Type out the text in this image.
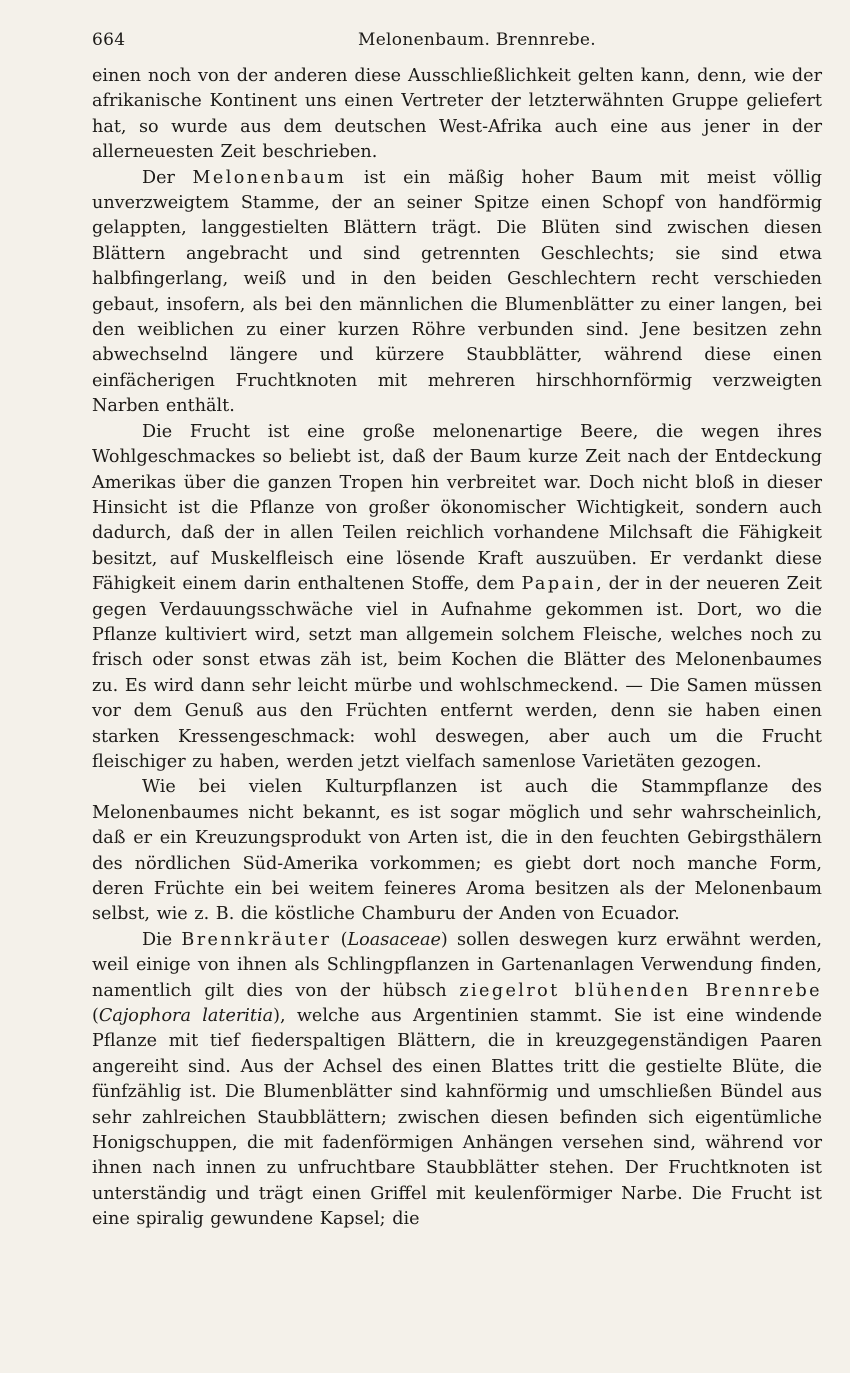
664	Melonenbaum. Brennrebe.

einen noch von der anderen diese Ausschließlichkeit gelten kann, denn, wie der afrikanische Kontinent uns einen Vertreter der letzterwähnten Gruppe geliefert hat, so wurde aus dem deutschen West-Afrika auch eine aus jener in der allerneuesten Zeit beschrieben.

Der Melonenbaum ist ein mäßig hoher Baum mit meist völlig unverzweigtem Stamme, der an seiner Spitze einen Schopf von handförmig gelappten, langgestielten Blättern trägt. Die Blüten sind zwischen diesen Blättern angebracht und sind getrennten Geschlechts; sie sind etwa halbfingerlang, weiß und in den beiden Geschlechtern recht verschieden gebaut, insofern, als bei den männlichen die Blumenblätter zu einer langen, bei den weiblichen zu einer kurzen Röhre verbunden sind. Jene besitzen zehn abwechselnd längere und kürzere Staubblätter, während diese einen einfächerigen Fruchtknoten mit mehreren hirschhornförmig verzweigten Narben enthält.

Die Frucht ist eine große melonenartige Beere, die wegen ihres Wohlgeschmackes so beliebt ist, daß der Baum kurze Zeit nach der Entdeckung Amerikas über die ganzen Tropen hin verbreitet war. Doch nicht bloß in dieser Hinsicht ist die Pflanze von großer ökonomischer Wichtigkeit, sondern auch dadurch, daß der in allen Teilen reichlich vorhandene Milchsaft die Fähigkeit besitzt, auf Muskelfleisch eine lösende Kraft auszuüben. Er verdankt diese Fähigkeit einem darin enthaltenen Stoffe, dem Papain, der in der neueren Zeit gegen Verdauungsschwäche viel in Aufnahme gekommen ist. Dort, wo die Pflanze kultiviert wird, setzt man allgemein solchem Fleische, welches noch zu frisch oder sonst etwas zäh ist, beim Kochen die Blätter des Melonenbaumes zu. Es wird dann sehr leicht mürbe und wohlschmeckend. — Die Samen müssen vor dem Genuß aus den Früchten entfernt werden, denn sie haben einen starken Kressengeschmack: wohl deswegen, aber auch um die Frucht fleischiger zu haben, werden jetzt vielfach samenlose Varietäten gezogen.

Wie bei vielen Kulturpflanzen ist auch die Stammpflanze des Melonenbaumes nicht bekannt, es ist sogar möglich und sehr wahrscheinlich, daß er ein Kreuzungsprodukt von Arten ist, die in den feuchten Gebirgsthälern des nördlichen Süd-Amerika vorkommen; es giebt dort noch manche Form, deren Früchte ein bei weitem feineres Aroma besitzen als der Melonenbaum selbst, wie z. B. die köstliche Chamburu der Anden von Ecuador.

Die Brennkräuter (Loasaceae) sollen deswegen kurz erwähnt werden, weil einige von ihnen als Schlingpflanzen in Gartenanlagen Verwendung finden, namentlich gilt dies von der hübsch ziegelrot blühenden Brennrebe (Cajophora lateritia), welche aus Argentinien stammt. Sie ist eine windende Pflanze mit tief fiederspaltigen Blättern, die in kreuzgegenständigen Paaren angereiht sind. Aus der Achsel des einen Blattes tritt die gestielte Blüte, die fünfzählig ist. Die Blumenblätter sind kahnförmig und umschließen Bündel aus sehr zahlreichen Staubblättern; zwischen diesen befinden sich eigentümliche Honigschuppen, die mit fadenförmigen Anhängen versehen sind, während vor ihnen nach innen zu unfruchtbare Staubblätter stehen. Der Fruchtknoten ist unterständig und trägt einen Griffel mit keulenförmiger Narbe. Die Frucht ist eine spiralig gewundene Kapsel; die
